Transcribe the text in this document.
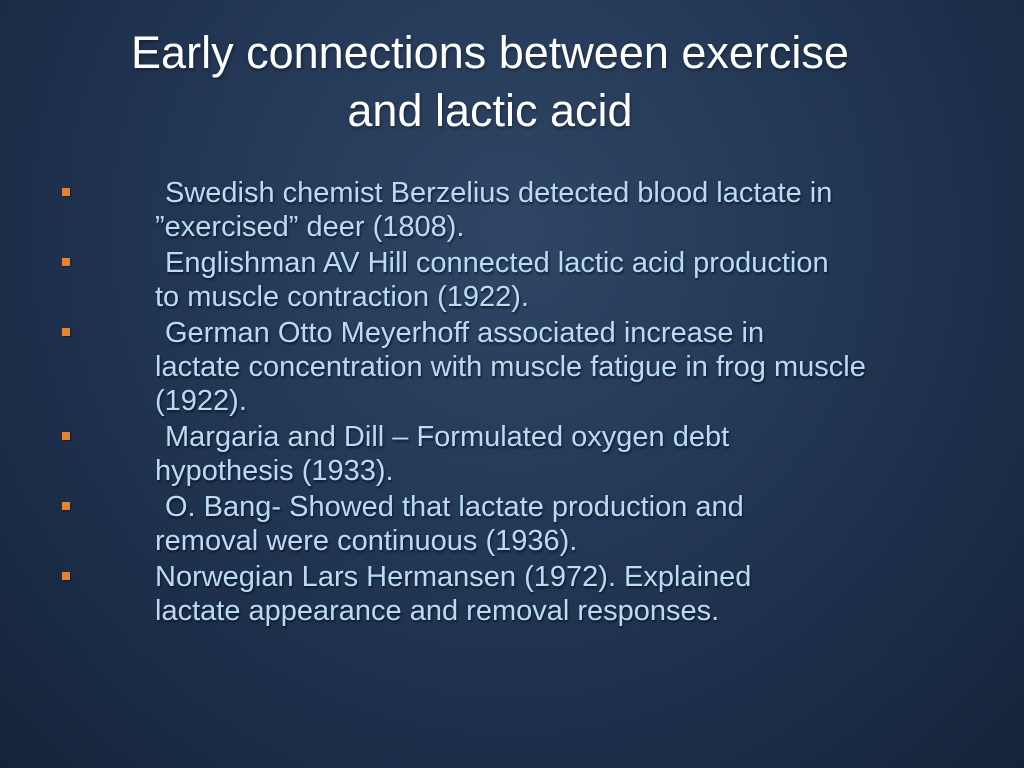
Early connections between exercise
and lactic acid
Swedish chemist Berzelius detected blood lactate in
”exercised” deer (1808).
Englishman AV Hill connected lactic acid production
to muscle contraction (1922).
German Otto Meyerhoff associated increase in
lactate concentration with muscle fatigue in frog muscle (1922).
Margaria and Dill – Formulated oxygen debt
hypothesis (1933).
O. Bang- Showed that lactate production and
removal were continuous (1936).
Norwegian Lars Hermansen (1972). Explained
lactate appearance and removal responses.
